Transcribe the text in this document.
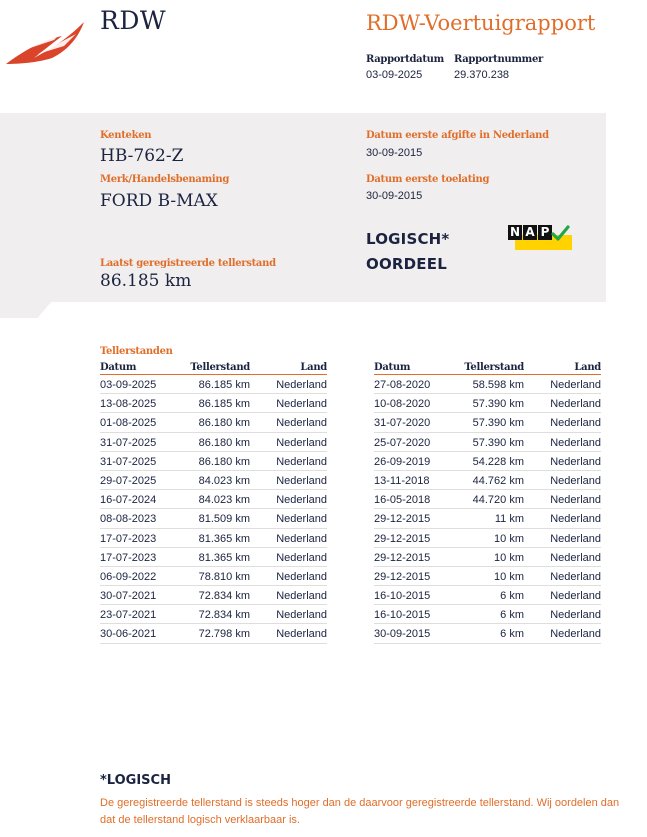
RDW	RDW-Voertuigrapport
Rapportdatum
03-09-2025
Rapportnummer
29.370.238
Kenteken
HB-762-Z
Merk/Handelsbenaming
FORD B-MAX
Laatst geregistreerde tellerstand
86.185 km
Datum eerste afgifte in Nederland
30-09-2015
Datum eerste toelating
30-09-2015
LOGISCH*
OORDEEL
N A P
Tellerstanden
Datum	Tellerstand	Land
03-09-2025	86.185 km Nederland
13-08-2025	86.185 km Nederland
01-08-2025	86.180 km Nederland
31-07-2025	86.180 km Nederland
31-07-2025	86.180 km Nederland
29-07-2025	84.023 km Nederland
16-07-2024	84.023 km Nederland
08-08-2023	81.509 km Nederland
17-07-2023	81.365 km Nederland
17-07-2023	81.365 km Nederland
06-09-2022	78.810 km Nederland
30-07-2021	72.834 km Nederland
23-07-2021	72.834 km Nederland
30-06-2021	72.798 km Nederland
Datum	Tellerstand	Land
27-08-2020	58.598 km Nederland
10-08-2020	57.390 km Nederland
31-07-2020	57.390 km Nederland
25-07-2020	57.390 km Nederland
26-09-2019	54.228 km Nederland
13-11-2018	44.762 km Nederland
16-05-2018	44.720 km Nederland
29-12-2015	11 km Nederland
29-12-2015	10 km Nederland
29-12-2015	10 km Nederland
29-12-2015	10 km Nederland
16-10-2015	6 km Nederland
16-10-2015	6 km Nederland
30-09-2015	6 km Nederland
*LOGISCH
De geregistreerde tellerstand is steeds hoger dan de daarvoor geregistreerde tellerstand. Wij oordelen dan dat de tellerstand logisch verklaarbaar is.
